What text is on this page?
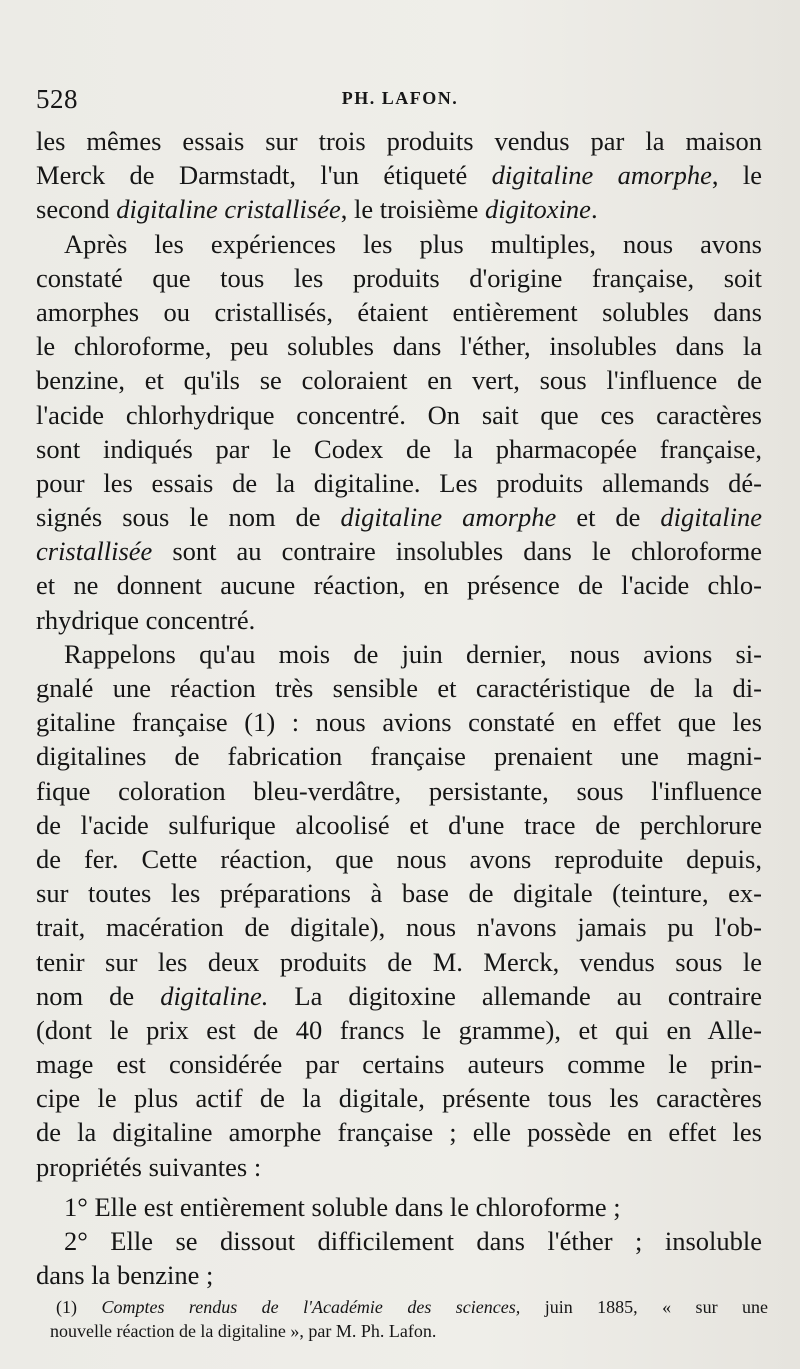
528	PH. LAFON.
les mêmes essais sur trois produits vendus par la maison
Merck de Darmstadt, l'un étiqueté digitaline amorphe, le
second digitaline cristallisée, le troisième digitoxine.
Après les expériences les plus multiples, nous avons
constaté que tous les produits d'origine française, soit
amorphes ou cristallisés, étaient entièrement solubles dans
le chloroforme, peu solubles dans l'éther, insolubles dans la
benzine, et qu'ils se coloraient en vert, sous l'influence de
l'acide chlorhydrique concentré. On sait que ces caractères
sont indiqués par le Codex de la pharmacopée française,
pour les essais de la digitaline. Les produits allemands dé-
signés sous le nom de digitaline amorphe et de digitaline
cristallisée sont au contraire insolubles dans le chloroforme
et ne donnent aucune réaction, en présence de l'acide chlo-
rhydrique concentré.
Rappelons qu'au mois de juin dernier, nous avions si-
gnalé une réaction très sensible et caractéristique de la di-
gitaline française (1) : nous avions constaté en effet que les
digitalines de fabrication française prenaient une magni-
fique coloration bleu-verdâtre, persistante, sous l'influence
de l'acide sulfurique alcoolisé et d'une trace de perchlorure
de fer. Cette réaction, que nous avons reproduite depuis,
sur toutes les préparations à base de digitale (teinture, ex-
trait, macération de digitale), nous n'avons jamais pu l'ob-
tenir sur les deux produits de M. Merck, vendus sous le
nom de digitaline. La digitoxine allemande au contraire
(dont le prix est de 40 francs le gramme), et qui en Alle-
mage est considérée par certains auteurs comme le prin-
cipe le plus actif de la digitale, présente tous les caractères
de la digitaline amorphe française ; elle possède en effet les
propriétés suivantes :
1° Elle est entièrement soluble dans le chloroforme ;
2° Elle se dissout difficilement dans l'éther ; insoluble
dans la benzine ;
(1) Comptes rendus de l'Académie des sciences, juin 1885, « sur une
nouvelle réaction de la digitaline », par M. Ph. Lafon.
